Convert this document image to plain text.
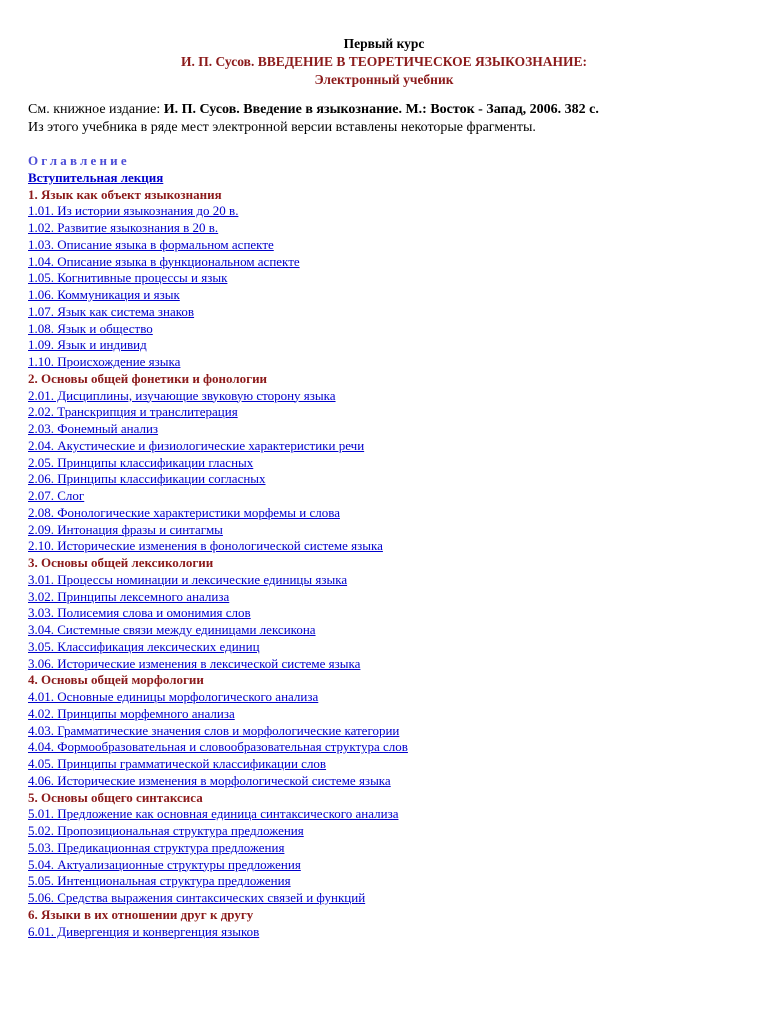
Первый курс
И. П. Сусов. ВВЕДЕНИЕ В ТЕОРЕТИЧЕСКОЕ ЯЗЫКОЗНАНИЕ:
Электронный учебник
См. книжное издание: И. П. Сусов. Введение в языкознание. М.: Восток - Запад, 2006. 382 с.
Из этого учебника в ряде мест электронной версии вставлены некоторые фрагменты.
Оглавление
Вступительная лекция
1. Язык как объект языкознания
1.01. Из истории языкознания до 20 в.
1.02. Развитие языкознания в 20 в.
1.03. Описание языка в формальном аспекте
1.04. Описание языка в функциональном аспекте
1.05. Когнитивные процессы и язык
1.06. Коммуникация и язык
1.07. Язык как система знаков
1.08. Язык и общество
1.09. Язык и индивид
1.10. Происхождение языка
2. Основы общей фонетики и фонологии
2.01. Дисциплины, изучающие звуковую сторону языка
2.02. Транскрипция и транслитерация
2.03. Фонемный анализ
2.04. Акустические и физиологические характеристики речи
2.05. Принципы классификации гласных
2.06. Принципы классификации согласных
2.07. Слог
2.08. Фонологические характеристики морфемы и слова
2.09. Интонация фразы и синтагмы
2.10. Исторические изменения в фонологической системе языка
3. Основы общей лексикологии
3.01. Процессы номинации и лексические единицы языка
3.02. Принципы лексемного анализа
3.03. Полисемия слова и омонимия слов
3.04. Системные связи между единицами лексикона
3.05. Классификация лексических единиц
3.06. Исторические изменения в лексической системе языка
4. Основы общей морфологии
4.01. Основные единицы морфологического анализа
4.02. Принципы морфемного анализа
4.03. Грамматические значения слов и морфологические категории
4.04. Формообразовательная и словообразовательная структура слов
4.05. Принципы грамматической классификации слов
4.06. Исторические изменения в морфологической системе языка
5. Основы общего синтаксиса
5.01. Предложение как основная единица синтаксического анализа
5.02. Пропозициональная структура предложения
5.03. Предикационная структура предложения
5.04. Актуализационные структуры предложения
5.05. Интенциональная структура предложения
5.06. Средства выражения синтаксических связей и функций
6. Языки в их отношении друг к другу
6.01. Дивергенция и конвергенция языков
